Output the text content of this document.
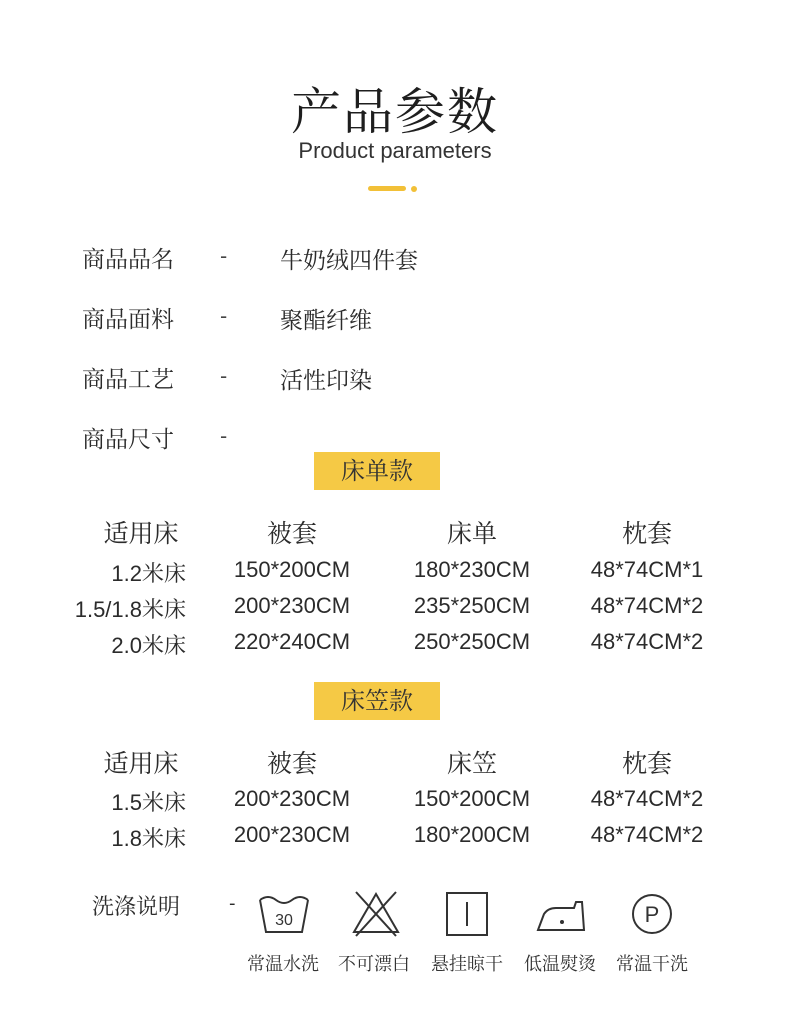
产品参数
Product parameters
商品品名 - 牛奶绒四件套
商品面料 - 聚酯纤维
商品工艺 - 活性印染
商品尺寸 -
床单款
适用床	被套	床单	枕套
1.2米床	150*200CM	180*230CM	48*74CM*1
1.5/1.8米床	200*230CM	235*250CM	48*74CM*2
2.0米床	220*240CM	250*250CM	48*74CM*2
床笠款
适用床	被套	床笠	枕套
1.5米床	200*230CM	150*200CM	48*74CM*2
1.8米床	200*230CM	180*200CM	48*74CM*2
洗涤说明	-
30	P
常温水洗	不可漂白	悬挂晾干	低温熨烫	常温干洗
